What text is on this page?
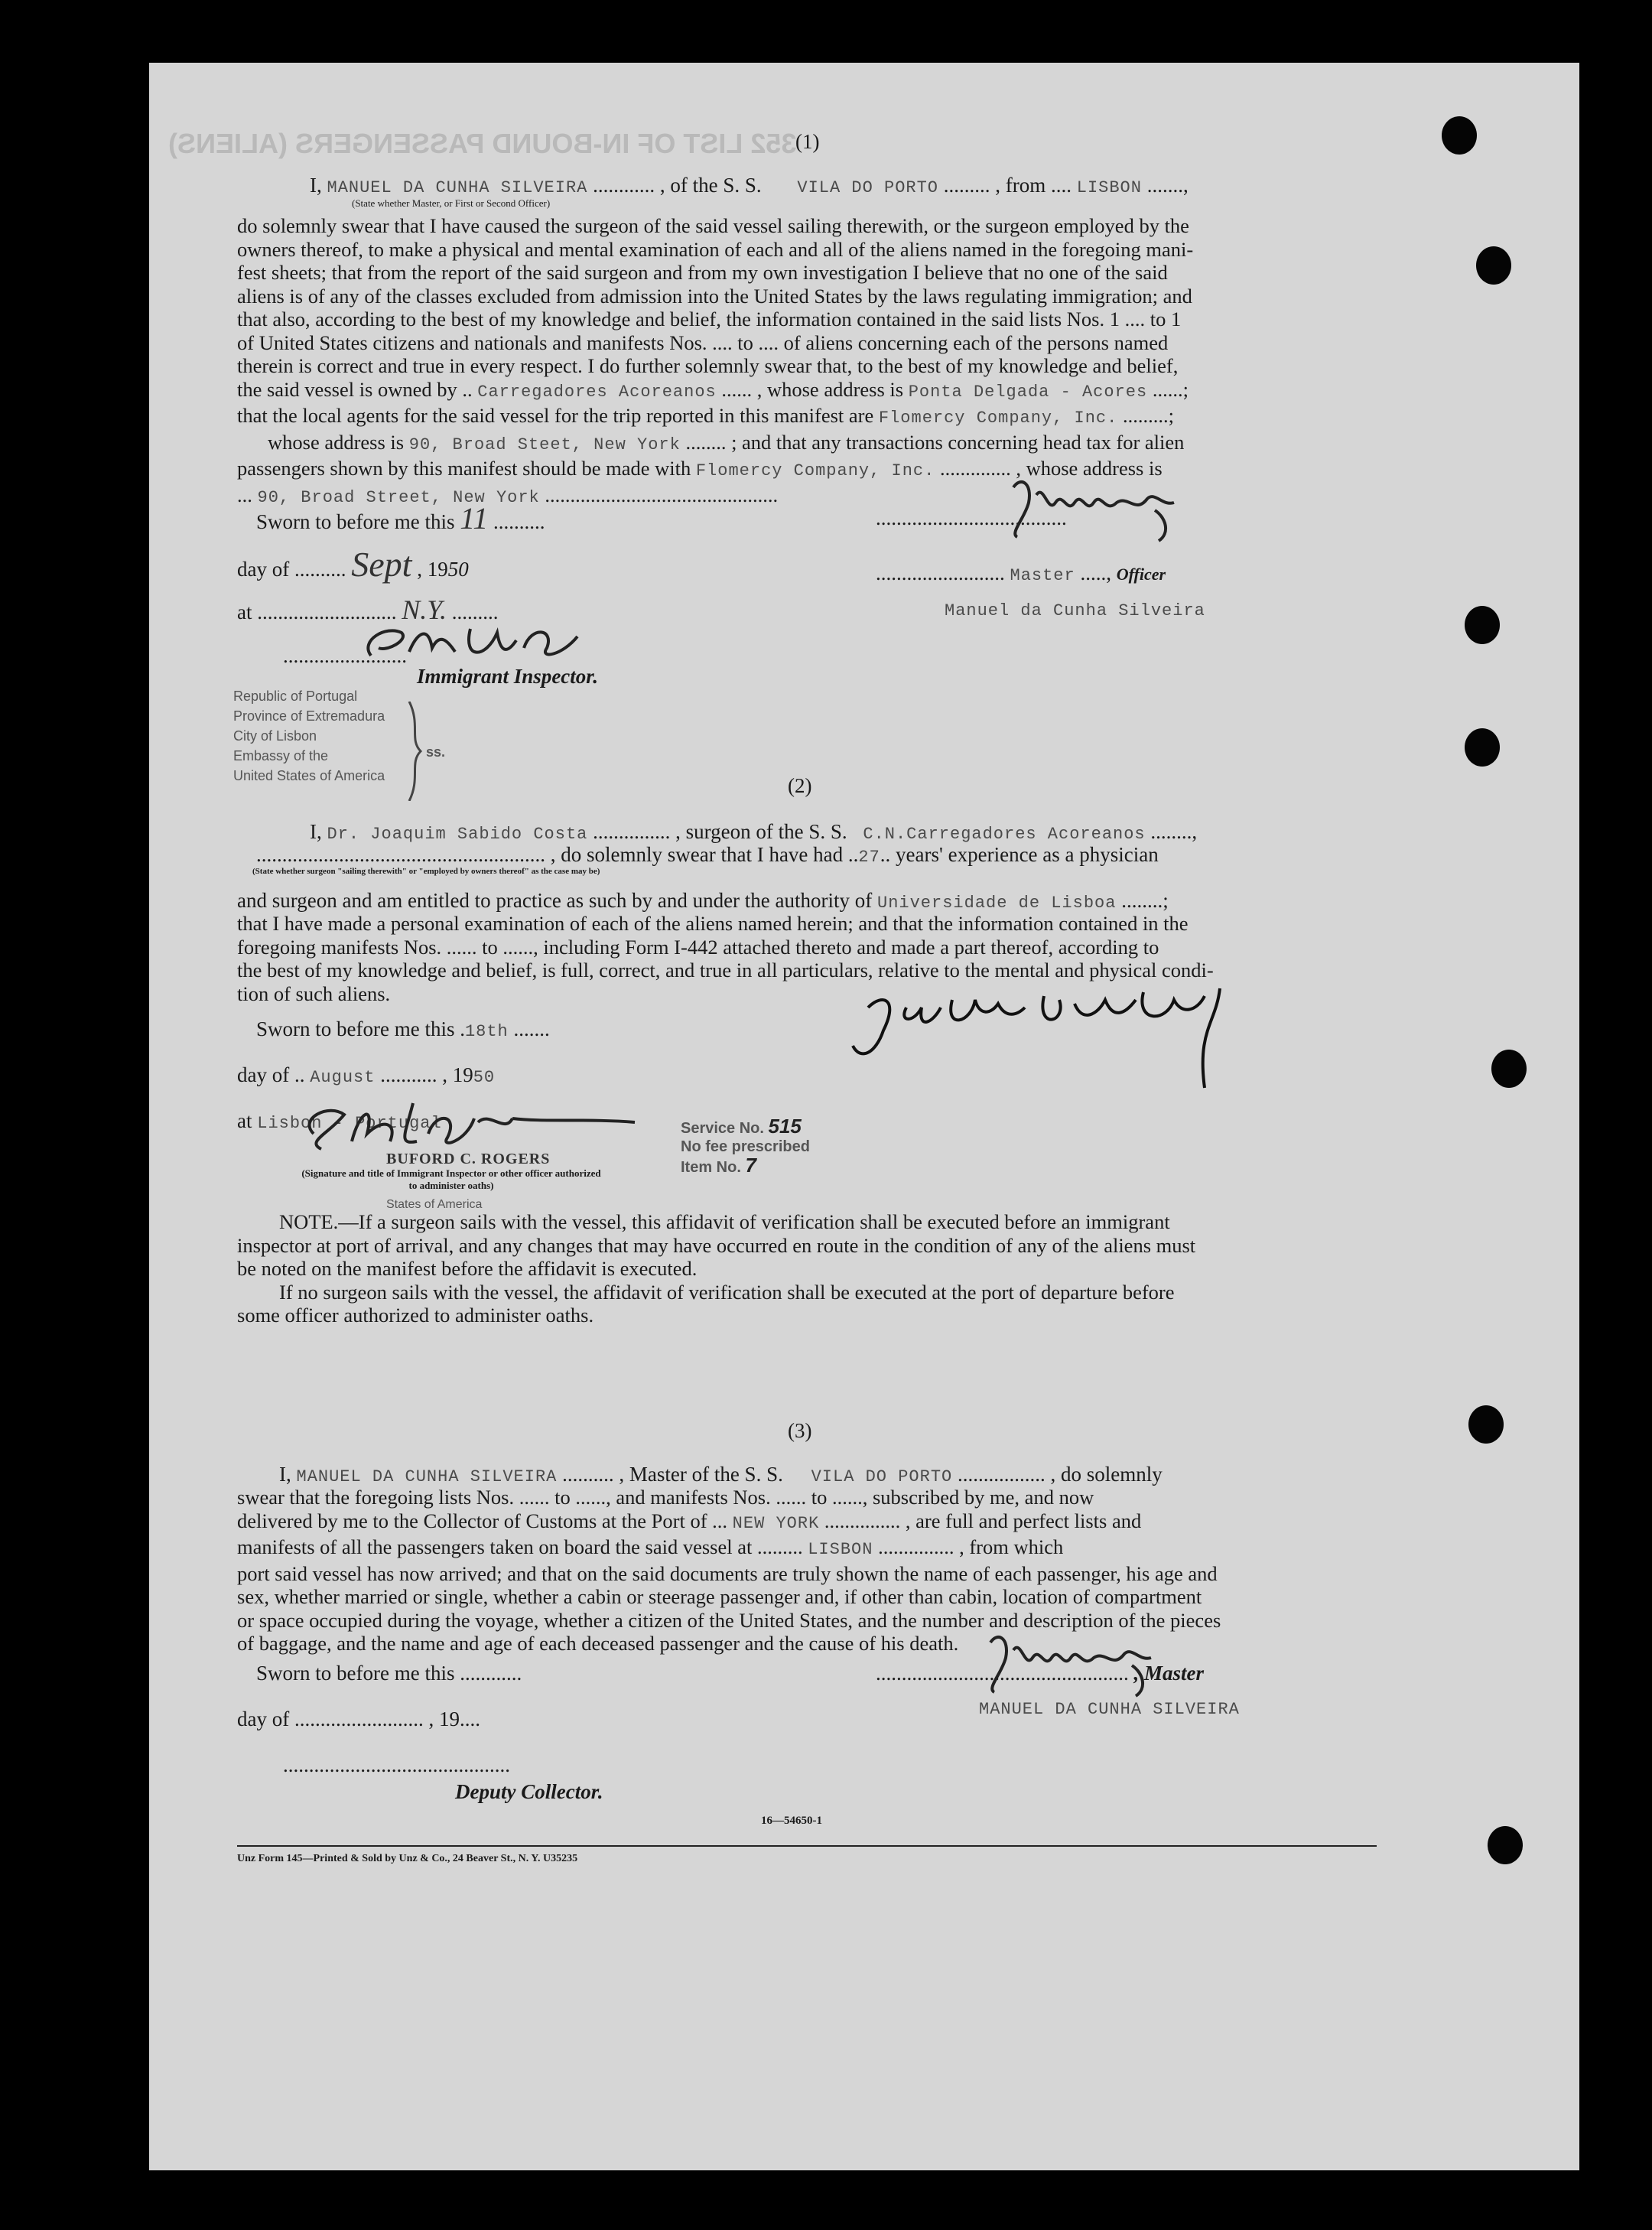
352 LIST OF IN-BOUND PASSENGERS (ALIENS)
(1)
I, MANUEL DA CUNHA SILVEIRA ............ , of the S. S. VILA DO PORTO ......... , from .... LISBON .......,
(State whether Master, or First or Second Officer)
do solemnly swear that I have caused the surgeon of the said vessel sailing therewith, or the surgeon employed by the
owners thereof, to make a physical and mental examination of each and all of the aliens named in the foregoing mani-
fest sheets; that from the report of the said surgeon and from my own investigation I believe that no one of the said
aliens is of any of the classes excluded from admission into the United States by the laws regulating immigration; and
that also, according to the best of my knowledge and belief, the information contained in the said lists Nos. 1 .... to 1
of United States citizens and nationals and manifests Nos. .... to .... of aliens concerning each of the persons named
therein is correct and true in every respect. I do further solemnly swear that, to the best of my knowledge and belief,
the said vessel is owned by .. Carregadores Acoreanos ...... , whose address is Ponta Delgada - Acores ......;
that the local agents for the said vessel for the trip reported in this manifest are Flomercy Company, Inc. .........;
whose address is 90, Broad Steet, New York ........ ; and that any transactions concerning head tax for alien
passengers shown by this manifest should be made with Flomercy Company, Inc. .............. , whose address is
... 90, Broad Street, New York ..............................................
Sworn to before me this 11 ..........
day of .......... Sept , 1950
at ........................... N.Y. .........
........................
Immigrant Inspector.
.....................................
......................... Master ....., Officer
Manuel da Cunha Silveira
Republic of Portugal
Province of Extremadura
City of Lisbon
Embassy of the
United States of America
ss.
(2)
I, Dr. Joaquim Sabido Costa ............... , surgeon of the S. S. C.N.Carregadores Acoreanos ........,
........................................................ , do solemnly swear that I have had ..27.. years' experience as a physician
(State whether surgeon "sailing therewith" or "employed by owners thereof" as the case may be)
and surgeon and am entitled to practice as such by and under the authority of Universidade de Lisboa ........;
that I have made a personal examination of each of the aliens named herein; and that the information contained in the
foregoing manifests Nos. ...... to ......, including Form I-442 attached thereto and made a part thereof, according to
the best of my knowledge and belief, is full, correct, and true in all particulars, relative to the mental and physical condi-
tion of such aliens.
Sworn to before me this .18th .......
day of .. August ........... , 1950
at Lisbon - Portugal
BUFORD C. ROGERS
(Signature and title of Immigrant Inspector or other officer authorized to administer oaths)
States of America
Service No. 515
No fee prescribed
Item No. 7
NOTE.—If a surgeon sails with the vessel, this affidavit of verification shall be executed before an immigrant
inspector at port of arrival, and any changes that may have occurred en route in the condition of any of the aliens must
be noted on the manifest before the affidavit is executed.
If no surgeon sails with the vessel, the affidavit of verification shall be executed at the port of departure before
some officer authorized to administer oaths.
(3)
I, MANUEL DA CUNHA SILVEIRA .......... , Master of the S. S. VILA DO PORTO ................. , do solemnly
swear that the foregoing lists Nos. ...... to ......, and manifests Nos. ...... to ......, subscribed by me, and now
delivered by me to the Collector of Customs at the Port of ... NEW YORK ............... , are full and perfect lists and
manifests of all the passengers taken on board the said vessel at ......... LISBON ............... , from which
port said vessel has now arrived; and that on the said documents are truly shown the name of each passenger, his age and
sex, whether married or single, whether a cabin or steerage passenger and, if other than cabin, location of compartment
or space occupied during the voyage, whether a citizen of the United States, and the number and description of the pieces
of baggage, and the name and age of each deceased passenger and the cause of his death.
Sworn to before me this ............
day of ......................... , 19....
............................................
Deputy Collector.
................................................. , Master
MANUEL DA CUNHA SILVEIRA
16—54650-1
Unz Form 145—Printed & Sold by Unz & Co., 24 Beaver St., N. Y. U35235
